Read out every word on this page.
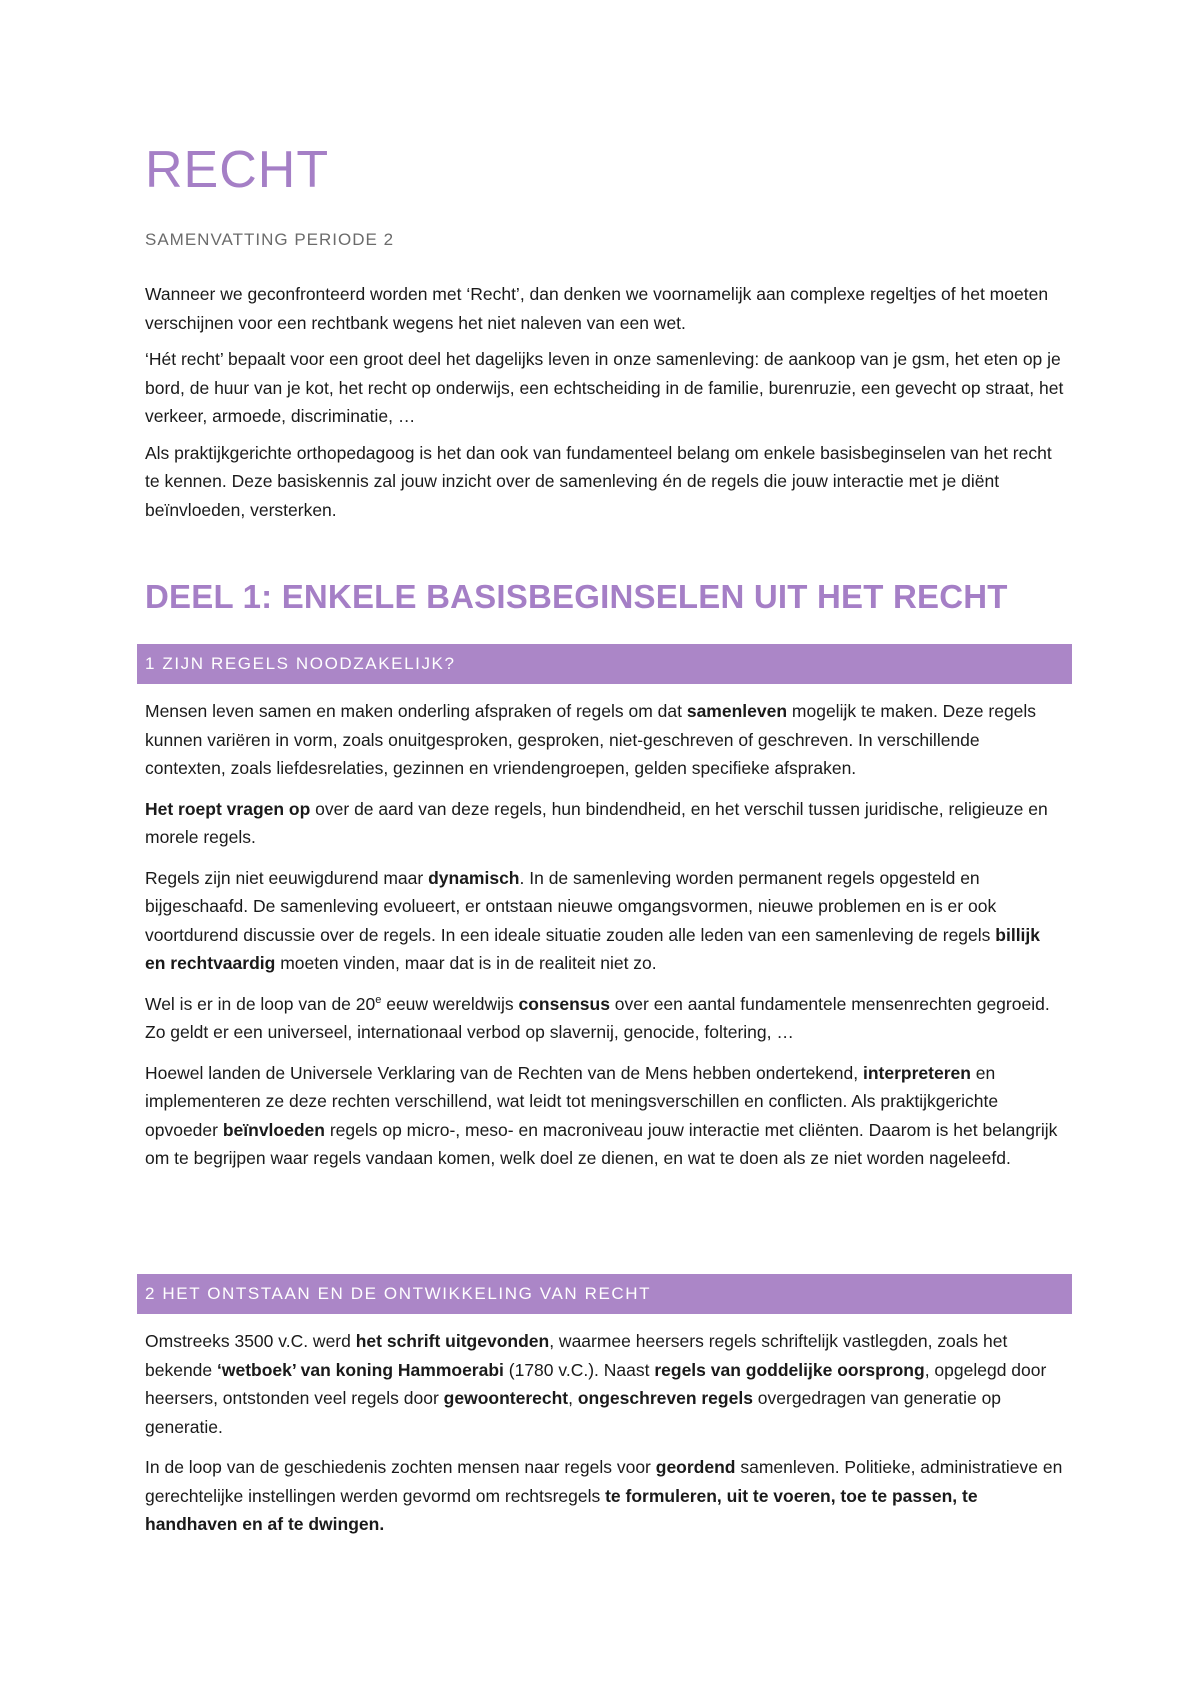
RECHT
SAMENVATTING PERIODE 2

Wanneer we geconfronteerd worden met ‘Recht’, dan denken we voornamelijk aan complexe regeltjes of het moeten verschijnen voor een rechtbank wegens het niet naleven van een wet.

‘Hét recht’ bepaalt voor een groot deel het dagelijks leven in onze samenleving: de aankoop van je gsm, het eten op je bord, de huur van je kot, het recht op onderwijs, een echtscheiding in de familie, burenruzie, een gevecht op straat, het verkeer, armoede, discriminatie, …

Als praktijkgerichte orthopedagoog is het dan ook van fundamenteel belang om enkele basisbeginselen van het recht te kennen. Deze basiskennis zal jouw inzicht over de samenleving én de regels die jouw interactie met je diënt beïnvloeden, versterken.

DEEL 1: ENKELE BASISBEGINSELEN UIT HET RECHT
1 ZIJN REGELS NOODZAKELIJK?

Mensen leven samen en maken onderling afspraken of regels om dat samenleven mogelijk te maken. Deze regels kunnen variëren in vorm, zoals onuitgesproken, gesproken, niet-geschreven of geschreven. In verschillende contexten, zoals liefdesrelaties, gezinnen en vriendengroepen, gelden specifieke afspraken.

Het roept vragen op over de aard van deze regels, hun bindendheid, en het verschil tussen juridische, religieuze en morele regels.

Regels zijn niet eeuwigdurend maar dynamisch. In de samenleving worden permanent regels opgesteld en bijgeschaafd. De samenleving evolueert, er ontstaan nieuwe omgangsvormen, nieuwe problemen en is er ook voortdurend discussie over de regels. In een ideale situatie zouden alle leden van een samenleving de regels billijk en rechtvaardig moeten vinden, maar dat is in de realiteit niet zo.

Wel is er in de loop van de 20e eeuw wereldwijs consensus over een aantal fundamentele mensenrechten gegroeid. Zo geldt er een universeel, internationaal verbod op slavernij, genocide, foltering, …

Hoewel landen de Universele Verklaring van de Rechten van de Mens hebben ondertekend, interpreteren en implementeren ze deze rechten verschillend, wat leidt tot meningsverschillen en conflicten. Als praktijkgerichte opvoeder beïnvloeden regels op micro-, meso- en macroniveau jouw interactie met cliënten. Daarom is het belangrijk om te begrijpen waar regels vandaan komen, welk doel ze dienen, en wat te doen als ze niet worden nageleefd.

2 HET ONTSTAAN EN DE ONTWIKKELING VAN RECHT

Omstreeks 3500 v.C. werd het schrift uitgevonden, waarmee heersers regels schriftelijk vastlegden, zoals het bekende ‘wetboek’ van koning Hammoerabi (1780 v.C.). Naast regels van goddelijke oorsprong, opgelegd door heersers, ontstonden veel regels door gewoonterecht, ongeschreven regels overgedragen van generatie op generatie.

In de loop van de geschiedenis zochten mensen naar regels voor geordend samenleven. Politieke, administratieve en gerechtelijke instellingen werden gevormd om rechtsregels te formuleren, uit te voeren, toe te passen, te handhaven en af te dwingen.
